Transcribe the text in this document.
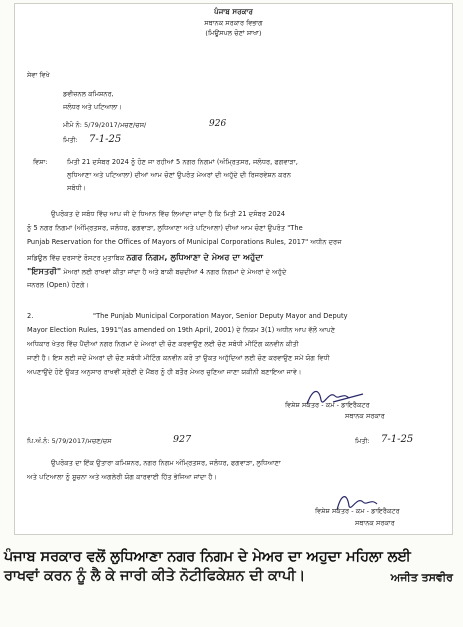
ਪੰਜਾਬ ਸਰਕਾਰ
ਸਥਾਨਕ ਸਰਕਾਰ ਵਿਭਾਗ
(ਮਿਊਂਸਪਲ ਚੋਣਾਂ ਸ਼ਾਖਾ)
ਸੇਵਾ ਵਿਖੇ
ਡਵੀਜ਼ਨਲ ਕਮਿਸ਼ਨਰ,
ਜਲੰਧਰ ਅਤੇ ਪਟਿਆਲਾ।
ਮੀਮੋ ਨੰ: 5/79/2017/ਮਚਣ/ਚਸ/	926
ਮਿਤੀ: 7-1-25
ਵਿਸ਼ਾ:	ਮਿਤੀ 21 ਦਸੰਬਰ 2024 ਨੂੰ ਹੋਣ ਜਾ ਰਹੀਆਂ 5 ਨਗਰ ਨਿਗਮਾਂ (ਅੰਮ੍ਰਿਤਸਰ, ਜਲੰਧਰ, ਫਗਵਾੜਾ,
ਲੁਧਿਆਣਾ ਅਤੇ ਪਟਿਆਲਾ) ਦੀਆਂ ਆਮ ਚੋਣਾਂ ਉਪਰੰਤ ਮੇਅਰਾਂ ਦੀ ਅਹੁੱਦੇ ਦੀ ਰਿਜਰਵੇਸ਼ਨ ਕਰਨ
ਸਬੰਧੀ।
ਉਪਰੋਕਤ ਦੇ ਸਬੰਧ ਵਿੱਚ ਆਪ ਜੀ ਦੇ ਧਿਆਨ ਵਿੱਚ ਲਿਆਂਦਾ ਜਾਂਦਾ ਹੈ ਕਿ ਮਿਤੀ 21 ਦਸੰਬਰ 2024
ਨੂੰ 5 ਨਗਰ ਨਿਗਮਾਂ (ਅੰਮ੍ਰਿਤਸਰ, ਜਲੰਧਰ, ਫਗਵਾੜਾ, ਲੁਧਿਆਣਾ ਅਤੇ ਪਟਿਆਲਾ) ਦੀਆਂ ਆਮ ਚੋਣਾਂ ਉਪਰੰਤ "The
Punjab Reservation for the Offices of Mayors of Municipal Corporations Rules, 2017" ਅਧੀਨ ਦਰਜ
ਸ਼ਡਿਊਲ ਵਿੱਚ ਦਰਸਾਏ ਰੋਸਟਰ ਮੁਤਾਬਿਕ ਨਗਰ ਨਿਗਮ, ਲੁਧਿਆਣਾ ਦੇ ਮੇਅਰ ਦਾ ਅਹੁੱਦਾ
"ਇਸਤਰੀ" ਮੇਅਰਾਂ ਲਈ ਰਾਖਵਾਂ ਕੀਤਾ ਜਾਂਦਾ ਹੈ ਅਤੇ ਬਾਕੀ ਬਚਦੀਆਂ 4 ਨਗਰ ਨਿਗਮਾਂ ਦੇ ਮੇਅਰਾਂ ਦੇ ਅਹੁੱਦੇ
ਜਨਰਲ (Open) ਹੋਣਗੇ।
2.	"The Punjab Municipal Corporation Mayor, Senior Deputy Mayor and Deputy
Mayor Election Rules, 1991"(as amended on 19th April, 2001) ਦੇ ਨਿਯਮ 3(1) ਅਧੀਨ ਆਪ ਵੱਲੋਂ ਆਪਣੇ
ਅਧਿਕਾਰ ਖੇਤਰ ਵਿੱਚ ਪੈਂਦੀਆਂ ਨਗਰ ਨਿਗਮਾਂ ਦੇ ਮੇਅਰਾਂ ਦੀ ਚੋਣ ਕਰਵਾਉਣ ਲਈ ਚੋਣ ਸਬੰਧੀ ਮੀਟਿੰਗ ਕਨਵੀਨ ਕੀਤੀ
ਜਾਣੀ ਹੈ। ਇਸ ਲਈ ਜਦੋਂ ਮੇਅਰਾਂ ਦੀ ਚੋਣ ਸਬੰਧੀ ਮੀਟਿੰਗ ਕਨਵੀਨ ਕਰੋ ਤਾਂ ਉਕਤ ਅਹੁੱਦਿਆਂ ਲਈ ਚੋਣ ਕਰਵਾਉਣ ਸਮੇਂ ਯੋਗ ਵਿਧੀ
ਅਪਣਾਉਂਦੇ ਹੋਏ ਉਕਤ ਅਨੁਸਾਰ ਰਾਖਵੀਂ ਸ਼੍ਰੇਣੀ ਦੇ ਮੈਂਬਰ ਨੂੰ ਹੀ ਬਤੌਰ ਮੇਅਰ ਚੁਣਿਆ ਜਾਣਾ ਯਕੀਨੀ ਬਣਾਇਆ ਜਾਵੇ।
ਵਿਸ਼ੇਸ਼ ਸਕੱਤਰ - ਕਮ - ਡਾਇਰੈਕਟਰ
ਸਥਾਨਕ ਸਰਕਾਰ
ਪਿ.ਅੰ.ਨੰ: 5/79/2017/ਮਚਣ/ਚਸ	927	ਮਿਤੀ: 7-1-25
ਉਪਰੋਕਤ ਦਾ ਇੱਕ ਉਤਾਰਾ ਕਮਿਸ਼ਨਰ, ਨਗਰ ਨਿਗਮ ਅੰਮ੍ਰਿਤਸਰ, ਜਲੰਧਰ, ਫਗਵਾੜਾ, ਲੁਧਿਆਣਾ
ਅਤੇ ਪਟਿਆਲਾ ਨੂੰ ਸੂਚਨਾ ਅਤੇ ਅਗਲੇਰੀ ਯੋਗ ਕਾਰਵਾਈ ਹਿੱਤ ਭੇਜਿਆ ਜਾਂਦਾ ਹੈ।
ਵਿਸ਼ੇਸ਼ ਸਕੱਤਰ - ਕਮ - ਡਾਇਰੈਕਟਰ
ਸਥਾਨਕ ਸਰਕਾਰ
ਪੰਜਾਬ ਸਰਕਾਰ ਵਲੋਂ ਲੁਧਿਆਣਾ ਨਗਰ ਨਿਗਮ ਦੇ ਮੇਅਰ ਦਾ ਅਹੁਦਾ ਮਹਿਲਾ ਲਈ
ਰਾਖਵਾਂ ਕਰਨ ਨੂੰ ਲੈ ਕੇ ਜਾਰੀ ਕੀਤੇ ਨੋਟੀਫਿਕੇਸ਼ਨ ਦੀ ਕਾਪੀ।	ਅਜੀਤ ਤਸਵੀਰ
